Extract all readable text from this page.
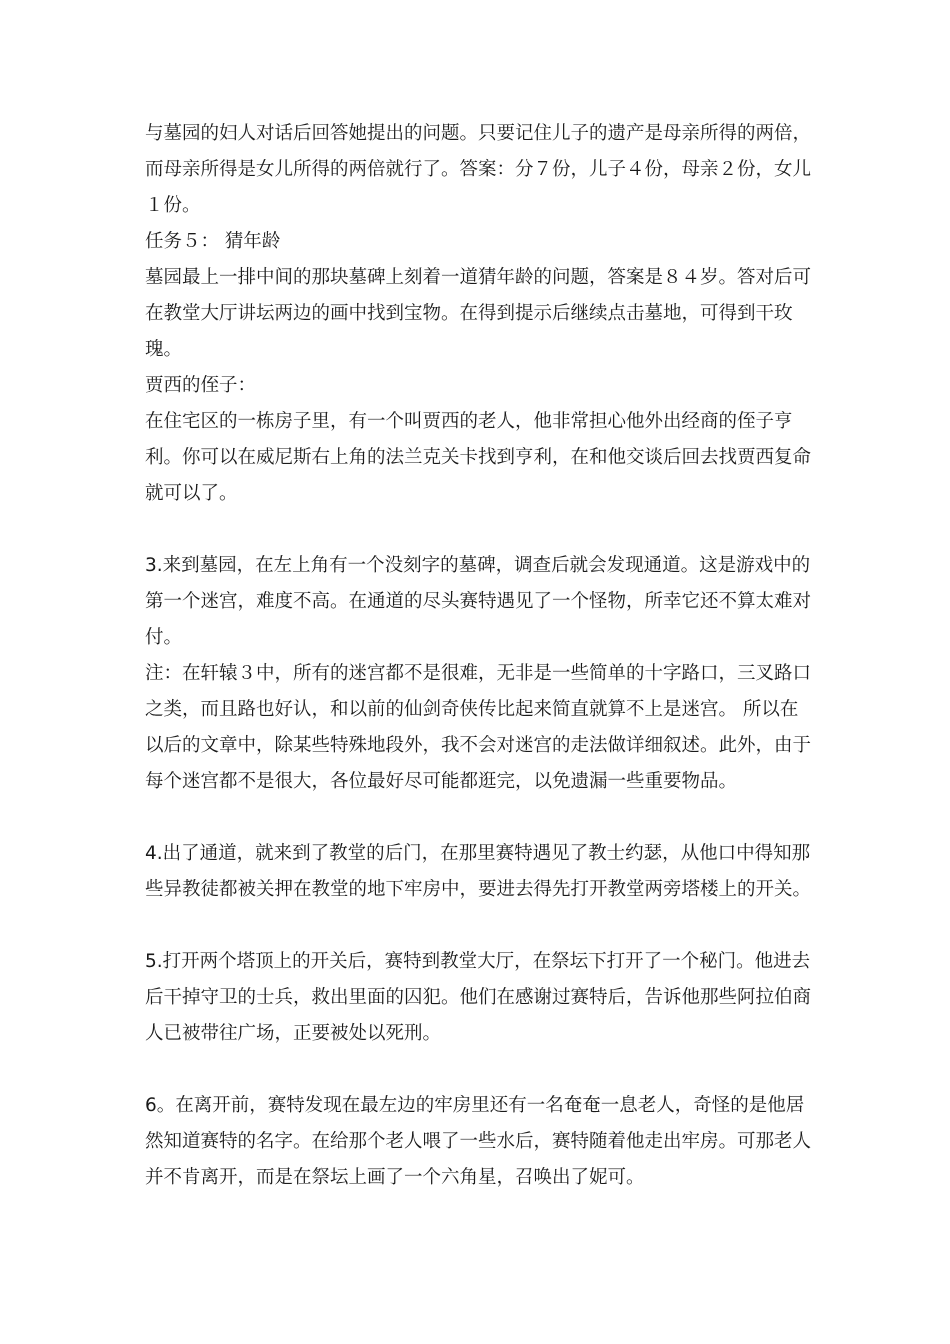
与墓园的妇人对话后回答她提出的问题。只要记住儿子的遗产是母亲所得的两倍，而母亲所得是女儿所得的两倍就行了。答案：分７份，儿子４份，母亲２份，女儿１份。

任务５： 猜年龄

墓园最上一排中间的那块墓碑上刻着一道猜年龄的问题，答案是８４岁。答对后可在教堂大厅讲坛两边的画中找到宝物。在得到提示后继续点击墓地，可得到干玫瑰。

贾西的侄子：

在住宅区的一栋房子里，有一个叫贾西的老人，他非常担心他外出经商的侄子亨利。你可以在威尼斯右上角的法兰克关卡找到亨利，在和他交谈后回去找贾西复命就可以了。

3.来到墓园，在左上角有一个没刻字的墓碑，调查后就会发现通道。这是游戏中的第一个迷宫，难度不高。在通道的尽头赛特遇见了一个怪物，所幸它还不算太难对付。

注：在轩辕３中，所有的迷宫都不是很难，无非是一些简单的十字路口，三叉路口之类，而且路也好认，和以前的仙剑奇侠传比起来简直就算不上是迷宫。 所以在以后的文章中，除某些特殊地段外，我不会对迷宫的走法做详细叙述。此外，由于每个迷宫都不是很大，各位最好尽可能都逛完，以免遗漏一些重要物品。

4.出了通道，就来到了教堂的后门，在那里赛特遇见了教士约瑟，从他口中得知那些异教徒都被关押在教堂的地下牢房中，要进去得先打开教堂两旁塔楼上的开关。

5.打开两个塔顶上的开关后，赛特到教堂大厅，在祭坛下打开了一个秘门。他进去后干掉守卫的士兵，救出里面的囚犯。他们在感谢过赛特后，告诉他那些阿拉伯商人已被带往广场，正要被处以死刑。

6。在离开前，赛特发现在最左边的牢房里还有一名奄奄一息老人，奇怪的是他居然知道赛特的名字。在给那个老人喂了一些水后，赛特随着他走出牢房。可那老人并不肯离开，而是在祭坛上画了一个六角星，召唤出了妮可。
